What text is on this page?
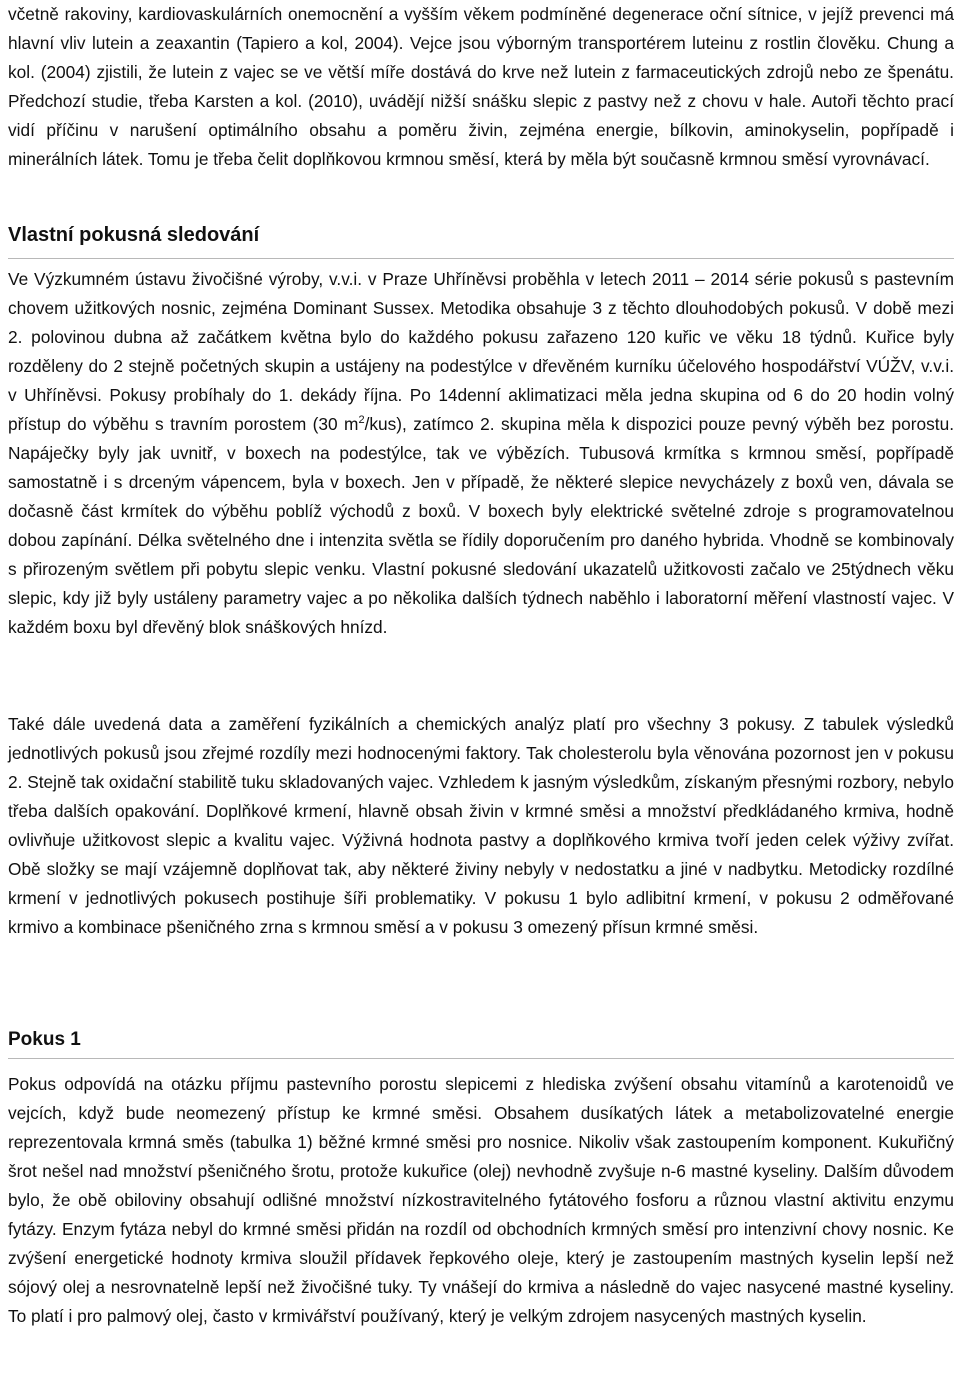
včetně rakoviny, kardiovaskulárních onemocnění a vyšším věkem podmíněné degenerace oční sítnice, v jejíž prevenci má hlavní vliv lutein a zeaxantin (Tapiero a kol, 2004). Vejce jsou výborným transportérem luteinu z rostlin člověku. Chung a kol. (2004) zjistili, že lutein z vajec se ve větší míře dostává do krve než lutein z farmaceutických zdrojů nebo ze špenátu. Předchozí studie, třeba Karsten a kol. (2010), uvádějí nižší snášku slepic z pastvy než z chovu v hale. Autoři těchto prací vidí příčinu v narušení optimálního obsahu a poměru živin, zejména energie, bílkovin, aminokyselin, popřípadě i minerálních látek. Tomu je třeba čelit doplňkovou krmnou směsí, která by měla být současně krmnou směsí vyrovnávací.

Vlastní pokusná sledování

Ve Výzkumném ústavu živočišné výroby, v.v.i. v Praze Uhříněvsi proběhla v letech 2011 – 2014 série pokusů s pastevním chovem užitkových nosnic, zejména Dominant Sussex. Metodika obsahuje 3 z těchto dlouhodobých pokusů. V době mezi 2. polovinou dubna až začátkem května bylo do každého pokusu zařazeno 120 kuřic ve věku 18 týdnů. Kuřice byly rozděleny do 2 stejně početných skupin a ustájeny na podestýlce v dřevěném kurníku účelového hospodářství VÚŽV, v.v.i. v Uhříněvsi. Pokusy probíhaly do 1. dekády října. Po 14denní aklimatizaci měla jedna skupina od 6 do 20 hodin volný přístup do výběhu s travním porostem (30 $m^2/kus$), zatímco 2. skupina měla k dispozici pouze pevný výběh bez porostu. Napáječky byly jak uvnitř, v boxech na podestýlce, tak ve výbězích. Tubusová krmítka s krmnou směsí, popřípadě samostatně i s drceným vápencem, byla v boxech. Jen v případě, že některé slepice nevycházely z boxů ven, dávala se dočasně část krmítek do výběhu poblíž východů z boxů. V boxech byly elektrické světelné zdroje s programovatelnou dobou zapínání. Délka světelného dne i intenzita světla se řídily doporučením pro daného hybrida. Vhodně se kombinovaly s přirozeným světlem při pobytu slepic venku. Vlastní pokusné sledování ukazatelů užitkovosti začalo ve 25týdnech věku slepic, kdy již byly ustáleny parametry vajec a po několika dalších týdnech naběhlo i laboratorní měření vlastností vajec. V každém boxu byl dřevěný blok snáškových hnízd.

Také dále uvedená data a zaměření fyzikálních a chemických analýz platí pro všechny 3 pokusy. Z tabulek výsledků jednotlivých pokusů jsou zřejmé rozdíly mezi hodnocenými faktory. Tak cholesterolu byla věnována pozornost jen v pokusu 2. Stejně tak oxidační stabilitě tuku skladovaných vajec. Vzhledem k jasným výsledkům, získaným přesnými rozbory, nebylo třeba dalších opakování. Doplňkové krmení, hlavně obsah živin v krmné směsi a množství předkládaného krmiva, hodně ovlivňuje užitkovost slepic a kvalitu vajec. Výživná hodnota pastvy a doplňkového krmiva tvoří jeden celek výživy zvířat. Obě složky se mají vzájemně doplňovat tak, aby některé živiny nebyly v nedostatku a jiné v nadbytku. Metodicky rozdílné krmení v jednotlivých pokusech postihuje šíři problematiky. V pokusu 1 bylo adlibitní krmení, v pokusu 2 odměřované krmivo a kombinace pšeničného zrna s krmnou směsí a v pokusu 3 omezený přísun krmné směsi.

Pokus 1

Pokus odpovídá na otázku příjmu pastevního porostu slepicemi z hlediska zvýšení obsahu vitamínů a karotenoidů ve vejcích, když bude neomezený přístup ke krmné směsi. Obsahem dusíkatých látek a metabolizovatelné energie reprezentovala krmná směs (tabulka 1) běžné krmné směsi pro nosnice. Nikoliv však zastoupením komponent. Kukuřičný šrot nešel nad množství pšeničného šrotu, protože kukuřice (olej) nevhodně zvyšuje n-6 mastné kyseliny. Dalším důvodem bylo, že obě obiloviny obsahují odlišné množství nízkostravitelného fytátového fosforu a různou vlastní aktivitu enzymu fytázy. Enzym fytáza nebyl do krmné směsi přidán na rozdíl od obchodních krmných směsí pro intenzivní chovy nosnic. Ke zvýšení energetické hodnoty krmiva sloužil přídavek řepkového oleje, který je zastoupením mastných kyselin lepší než sójový olej a nesrovnatelně lepší než živočišné tuky. Ty vnášejí do krmiva a následně do vajec nasycené mastné kyseliny. To platí i pro palmový olej, často v krmivářství používaný, který je velkým zdrojem nasycených mastných kyselin.
